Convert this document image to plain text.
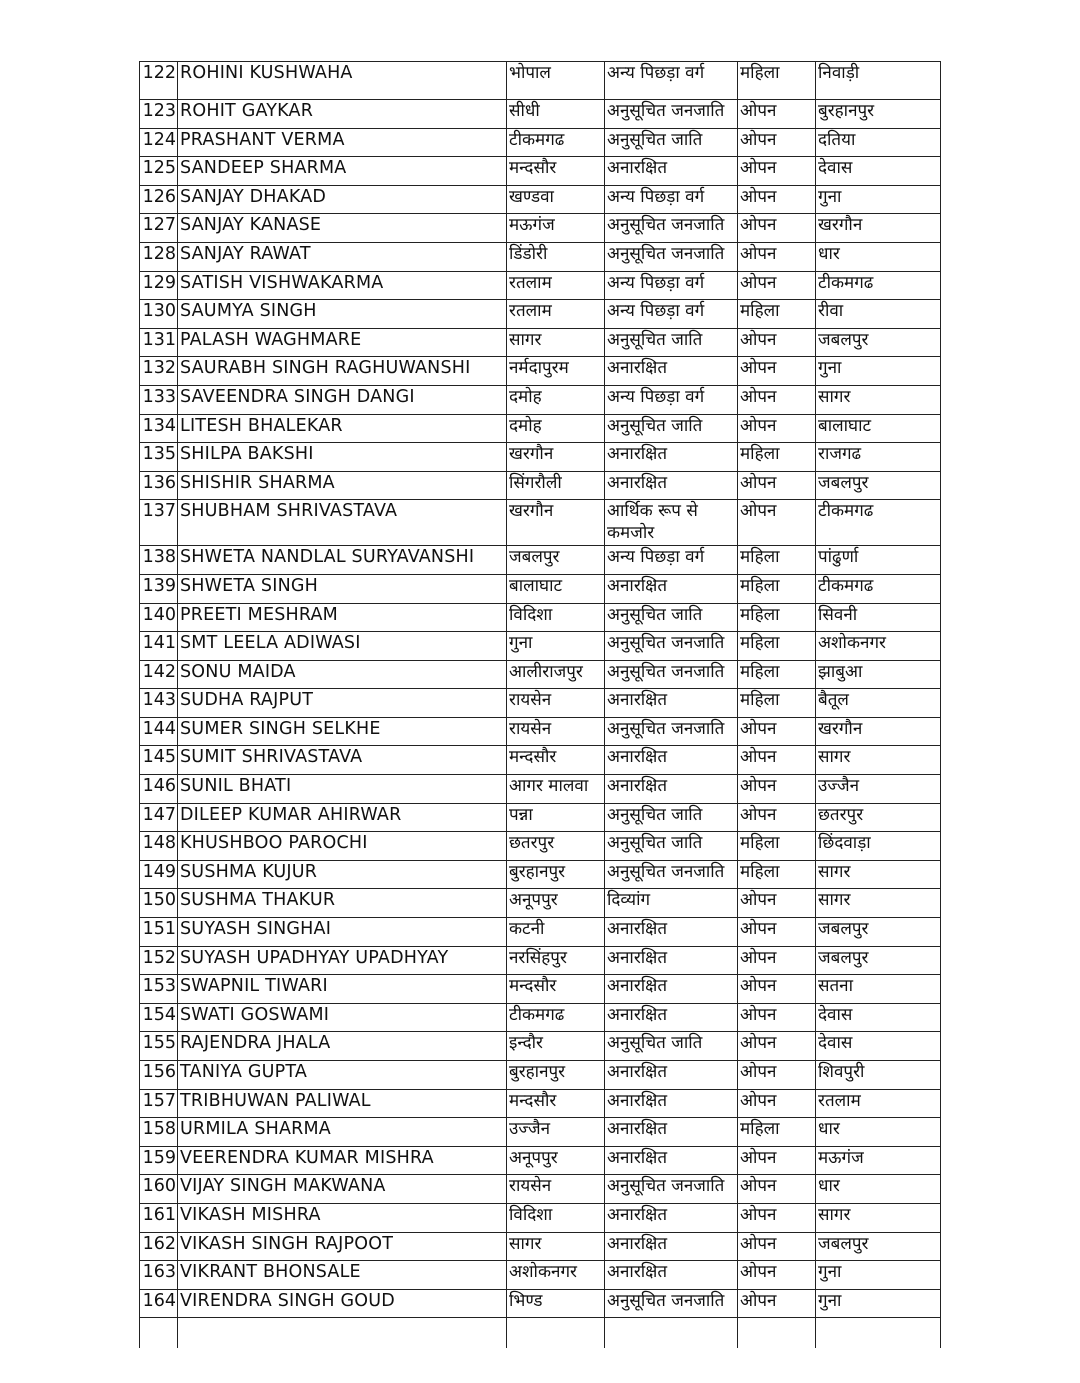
122	ROHINI KUSHWAHA	भोपाल	अन्य पिछड़ा वर्ग	महिला	निवाड़ी
123	ROHIT GAYKAR	सीधी	अनुसूचित जनजाति	ओपन	बुरहानपुर
124	PRASHANT VERMA	टीकमगढ	अनुसूचित जाति	ओपन	दतिया
125	SANDEEP SHARMA	मन्दसौर	अनारक्षित	ओपन	देवास
126	SANJAY DHAKAD	खण्डवा	अन्य पिछड़ा वर्ग	ओपन	गुना
127	SANJAY KANASE	मऊगंज	अनुसूचित जनजाति	ओपन	खरगौन
128	SANJAY RAWAT	डिंडोरी	अनुसूचित जनजाति	ओपन	धार
129	SATISH VISHWAKARMA	रतलाम	अन्य पिछड़ा वर्ग	ओपन	टीकमगढ
130	SAUMYA SINGH	रतलाम	अन्य पिछड़ा वर्ग	महिला	रीवा
131	PALASH WAGHMARE	सागर	अनुसूचित जाति	ओपन	जबलपुर
132	SAURABH SINGH RAGHUWANSHI	नर्मदापुरम	अनारक्षित	ओपन	गुना
133	SAVEENDRA SINGH DANGI	दमोह	अन्य पिछड़ा वर्ग	ओपन	सागर
134	LITESH BHALEKAR	दमोह	अनुसूचित जाति	ओपन	बालाघाट
135	SHILPA BAKSHI	खरगौन	अनारक्षित	महिला	राजगढ
136	SHISHIR SHARMA	सिंगरौली	अनारक्षित	ओपन	जबलपुर
137	SHUBHAM SHRIVASTAVA	खरगौन	आर्थिक रूप से कमजोर	ओपन	टीकमगढ
138	SHWETA NANDLAL SURYAVANSHI	जबलपुर	अन्य पिछड़ा वर्ग	महिला	पांढुर्णा
139	SHWETA SINGH	बालाघाट	अनारक्षित	महिला	टीकमगढ
140	PREETI MESHRAM	विदिशा	अनुसूचित जाति	महिला	सिवनी
141	SMT LEELA ADIWASI	गुना	अनुसूचित जनजाति	महिला	अशोकनगर
142	SONU MAIDA	आलीराजपुर	अनुसूचित जनजाति	महिला	झाबुआ
143	SUDHA RAJPUT	रायसेन	अनारक्षित	महिला	बैतूल
144	SUMER SINGH SELKHE	रायसेन	अनुसूचित जनजाति	ओपन	खरगौन
145	SUMIT SHRIVASTAVA	मन्दसौर	अनारक्षित	ओपन	सागर
146	SUNIL BHATI	आगर मालवा	अनारक्षित	ओपन	उज्जैन
147	DILEEP KUMAR AHIRWAR	पन्ना	अनुसूचित जाति	ओपन	छतरपुर
148	KHUSHBOO PAROCHI	छतरपुर	अनुसूचित जाति	महिला	छिंदवाड़ा
149	SUSHMA KUJUR	बुरहानपुर	अनुसूचित जनजाति	महिला	सागर
150	SUSHMA THAKUR	अनूपपुर	दिव्यांग	ओपन	सागर
151	SUYASH SINGHAI	कटनी	अनारक्षित	ओपन	जबलपुर
152	SUYASH UPADHYAY UPADHYAY	नरसिंहपुर	अनारक्षित	ओपन	जबलपुर
153	SWAPNIL TIWARI	मन्दसौर	अनारक्षित	ओपन	सतना
154	SWATI GOSWAMI	टीकमगढ	अनारक्षित	ओपन	देवास
155	RAJENDRA JHALA	इन्दौर	अनुसूचित जाति	ओपन	देवास
156	TANIYA GUPTA	बुरहानपुर	अनारक्षित	ओपन	शिवपुरी
157	TRIBHUWAN PALIWAL	मन्दसौर	अनारक्षित	ओपन	रतलाम
158	URMILA SHARMA	उज्जैन	अनारक्षित	महिला	धार
159	VEERENDRA KUMAR MISHRA	अनूपपुर	अनारक्षित	ओपन	मऊगंज
160	VIJAY SINGH MAKWANA	रायसेन	अनुसूचित जनजाति	ओपन	धार
161	VIKASH MISHRA	विदिशा	अनारक्षित	ओपन	सागर
162	VIKASH SINGH RAJPOOT	सागर	अनारक्षित	ओपन	जबलपुर
163	VIKRANT BHONSALE	अशोकनगर	अनारक्षित	ओपन	गुना
164	VIRENDRA SINGH GOUD	भिण्ड	अनुसूचित जनजाति	ओपन	गुना
